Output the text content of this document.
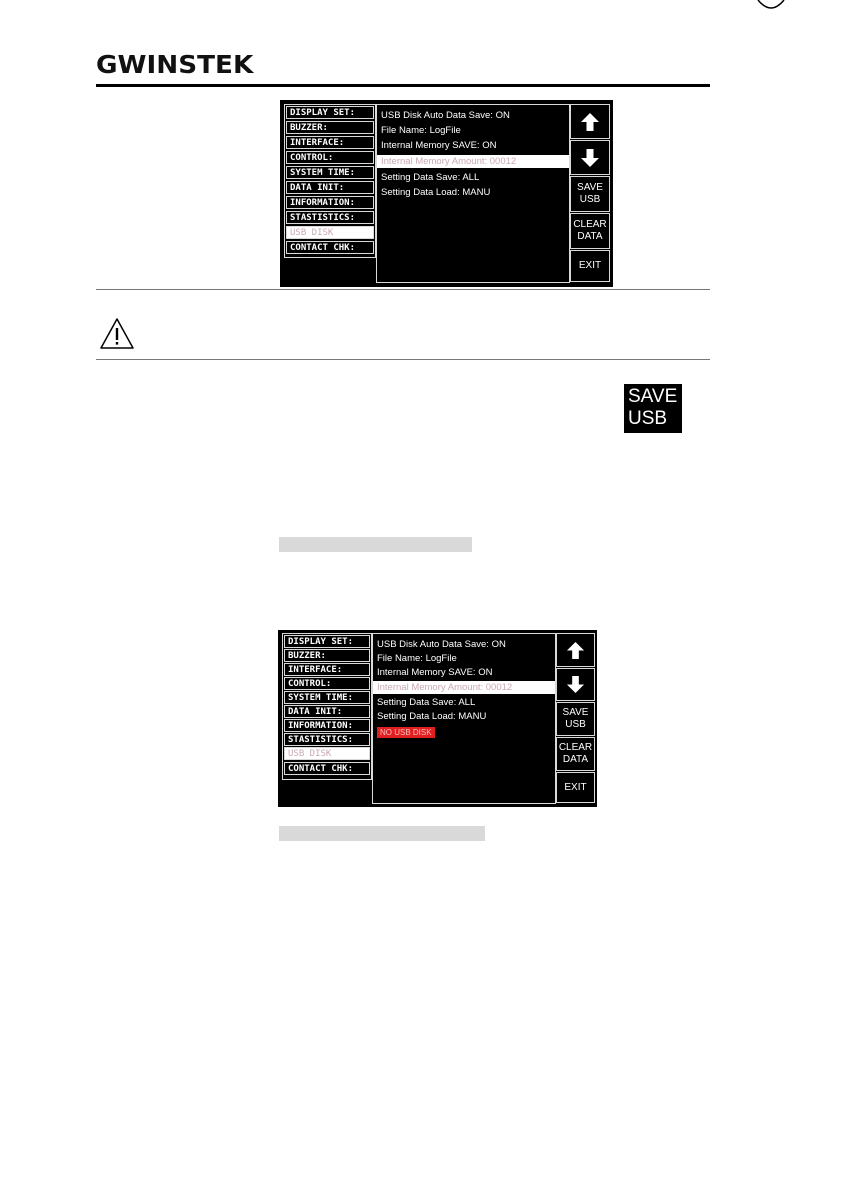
GWINSTEK
DISPLAY SET:
BUZZER:
INTERFACE:
CONTROL:
SYSTEM TIME:
DATA INIT:
INFORMATION:
STASTISTICS:
USB DISK
CONTACT CHK:
USB Disk Auto Data Save: ON
File Name: LogFile
Internal Memory SAVE: ON
Internal Memory Amount: 00012
Setting Data Save: ALL
Setting Data Load: MANU	SAVE
USB
CLEAR
DATA
EXIT
SAVE
USB
DISPLAY SET:
BUZZER:
INTERFACE:
CONTROL:
SYSTEM TIME:
DATA INIT:
INFORMATION:
STASTISTICS:
USB DISK
CONTACT CHK:
USB Disk Auto Data Save: ON
File Name: LogFile
Internal Memory SAVE: ON
Internal Memory Amount: 00012
Setting Data Save: ALL
Setting Data Load: MANU
NO USB DISK
SAVE
USB
CLEAR
DATA
EXIT
